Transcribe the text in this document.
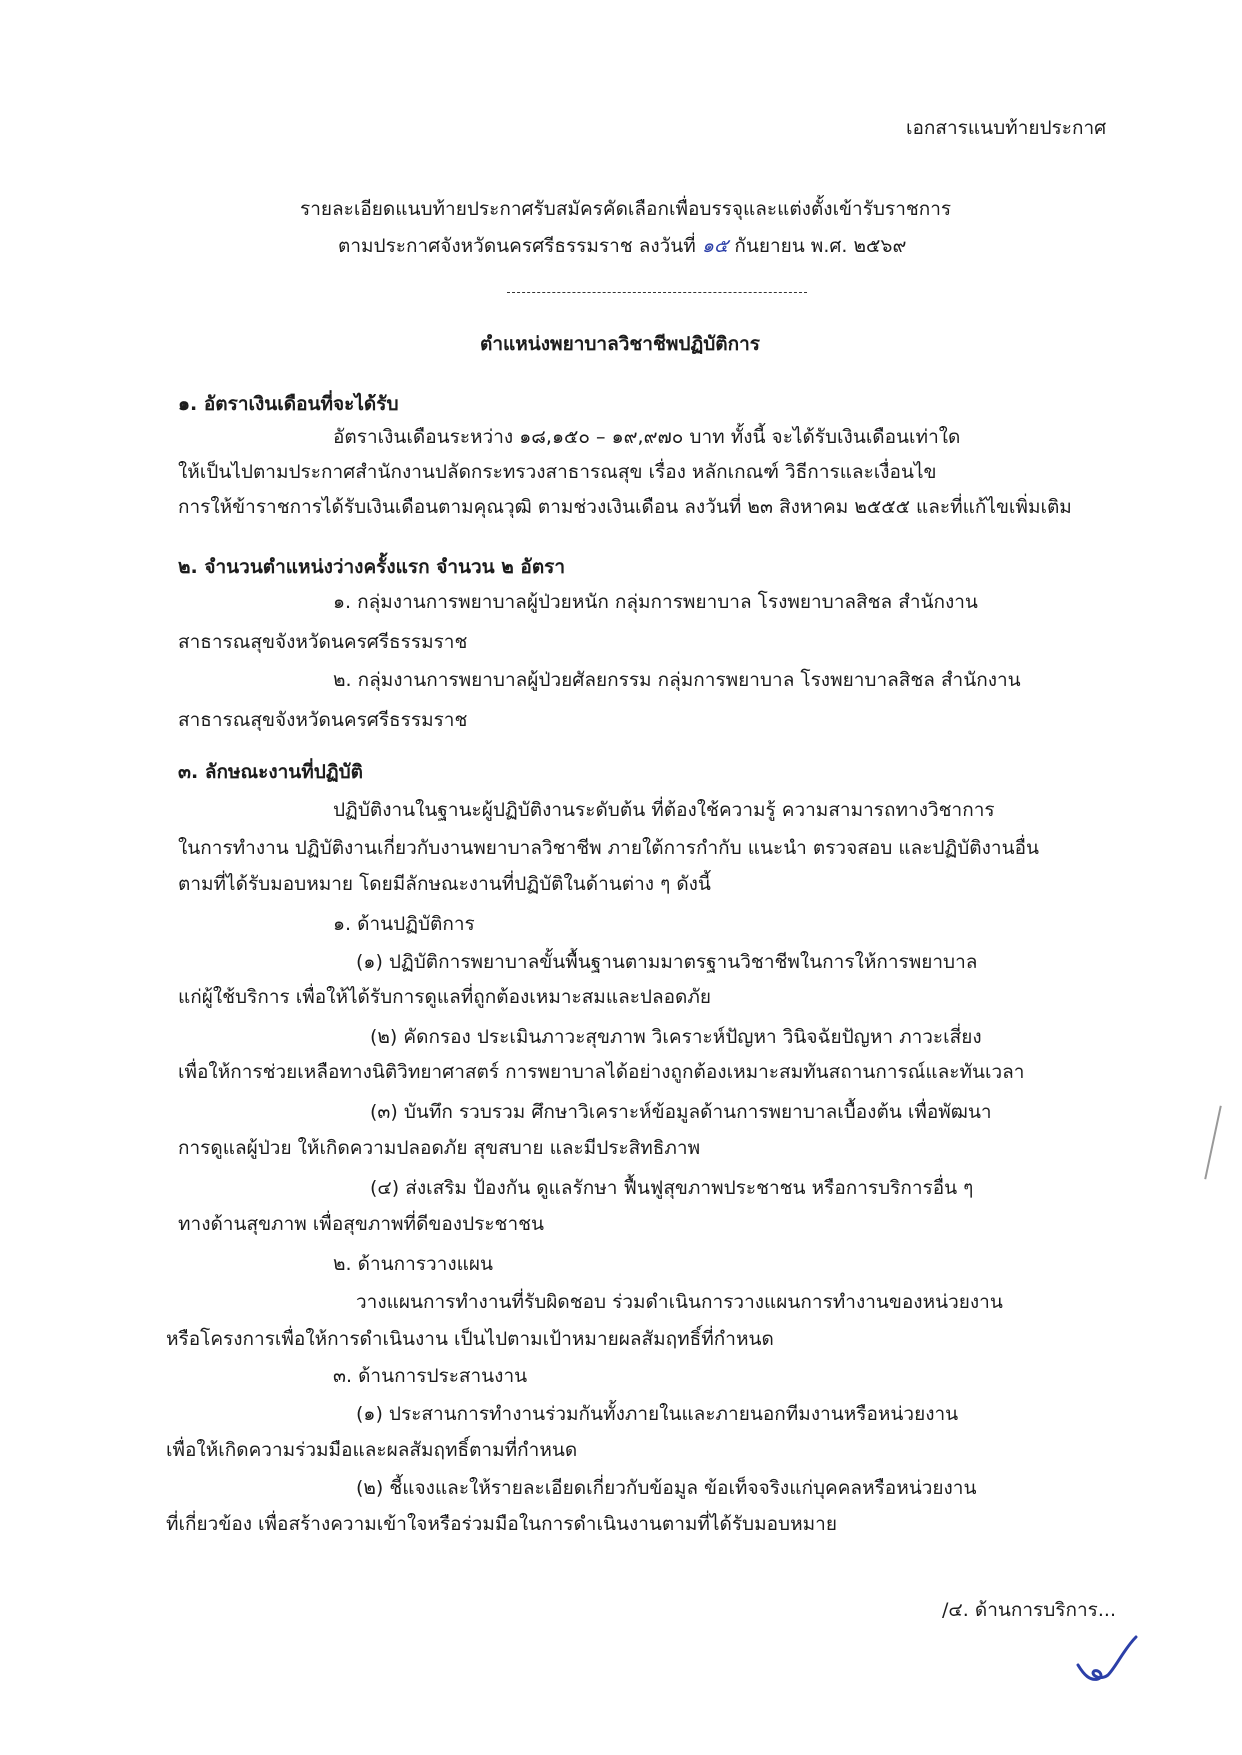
เอกสารแนบท้ายประกาศ
รายละเอียดแนบท้ายประกาศรับสมัครคัดเลือกเพื่อบรรจุและแต่งตั้งเข้ารับราชการ
ตามประกาศจังหวัดนครศรีธรรมราช ลงวันที่ ๑๕ กันยายน พ.ศ. ๒๕๖๙
ตำแหน่งพยาบาลวิชาชีพปฏิบัติการ
๑. อัตราเงินเดือนที่จะได้รับ
อัตราเงินเดือนระหว่าง ๑๘,๑๕๐ – ๑๙,๙๗๐ บาท ทั้งนี้ จะได้รับเงินเดือนเท่าใด
ให้เป็นไปตามประกาศสำนักงานปลัดกระทรวงสาธารณสุข เรื่อง หลักเกณฑ์ วิธีการและเงื่อนไข
การให้ข้าราชการได้รับเงินเดือนตามคุณวุฒิ ตามช่วงเงินเดือน ลงวันที่ ๒๓ สิงหาคม ๒๕๕๕ และที่แก้ไขเพิ่มเติม
๒. จำนวนตำแหน่งว่างครั้งแรก จำนวน ๒ อัตรา
๑. กลุ่มงานการพยาบาลผู้ป่วยหนัก กลุ่มการพยาบาล โรงพยาบาลสิชล สำนักงาน
สาธารณสุขจังหวัดนครศรีธรรมราช
๒. กลุ่มงานการพยาบาลผู้ป่วยศัลยกรรม กลุ่มการพยาบาล โรงพยาบาลสิชล สำนักงาน
สาธารณสุขจังหวัดนครศรีธรรมราช
๓. ลักษณะงานที่ปฏิบัติ
ปฏิบัติงานในฐานะผู้ปฏิบัติงานระดับต้น ที่ต้องใช้ความรู้ ความสามารถทางวิชาการ
ในการทำงาน ปฏิบัติงานเกี่ยวกับงานพยาบาลวิชาชีพ ภายใต้การกำกับ แนะนำ ตรวจสอบ และปฏิบัติงานอื่น
ตามที่ได้รับมอบหมาย โดยมีลักษณะงานที่ปฏิบัติในด้านต่าง ๆ ดังนี้
๑. ด้านปฏิบัติการ
(๑) ปฏิบัติการพยาบาลขั้นพื้นฐานตามมาตรฐานวิชาชีพในการให้การพยาบาล
แก่ผู้ใช้บริการ เพื่อให้ได้รับการดูแลที่ถูกต้องเหมาะสมและปลอดภัย
(๒) คัดกรอง ประเมินภาวะสุขภาพ วิเคราะห์ปัญหา วินิจฉัยปัญหา ภาวะเสี่ยง
เพื่อให้การช่วยเหลือทางนิติวิทยาศาสตร์ การพยาบาลได้อย่างถูกต้องเหมาะสมทันสถานการณ์และทันเวลา
(๓) บันทึก รวบรวม ศึกษาวิเคราะห์ข้อมูลด้านการพยาบาลเบื้องต้น เพื่อพัฒนา
การดูแลผู้ป่วย ให้เกิดความปลอดภัย สุขสบาย และมีประสิทธิภาพ
(๔) ส่งเสริม ป้องกัน ดูแลรักษา ฟื้นฟูสุขภาพประชาชน หรือการบริการอื่น ๆ
ทางด้านสุขภาพ เพื่อสุขภาพที่ดีของประชาชน
๒. ด้านการวางแผน
วางแผนการทำงานที่รับผิดชอบ ร่วมดำเนินการวางแผนการทำงานของหน่วยงาน
หรือโครงการเพื่อให้การดำเนินงาน เป็นไปตามเป้าหมายผลสัมฤทธิ์ที่กำหนด
๓. ด้านการประสานงาน
(๑) ประสานการทำงานร่วมกันทั้งภายในและภายนอกทีมงานหรือหน่วยงาน
เพื่อให้เกิดความร่วมมือและผลสัมฤทธิ์ตามที่กำหนด
(๒) ชี้แจงและให้รายละเอียดเกี่ยวกับข้อมูล ข้อเท็จจริงแก่บุคคลหรือหน่วยงาน
ที่เกี่ยวข้อง เพื่อสร้างความเข้าใจหรือร่วมมือในการดำเนินงานตามที่ได้รับมอบหมาย
/๔. ด้านการบริการ...
